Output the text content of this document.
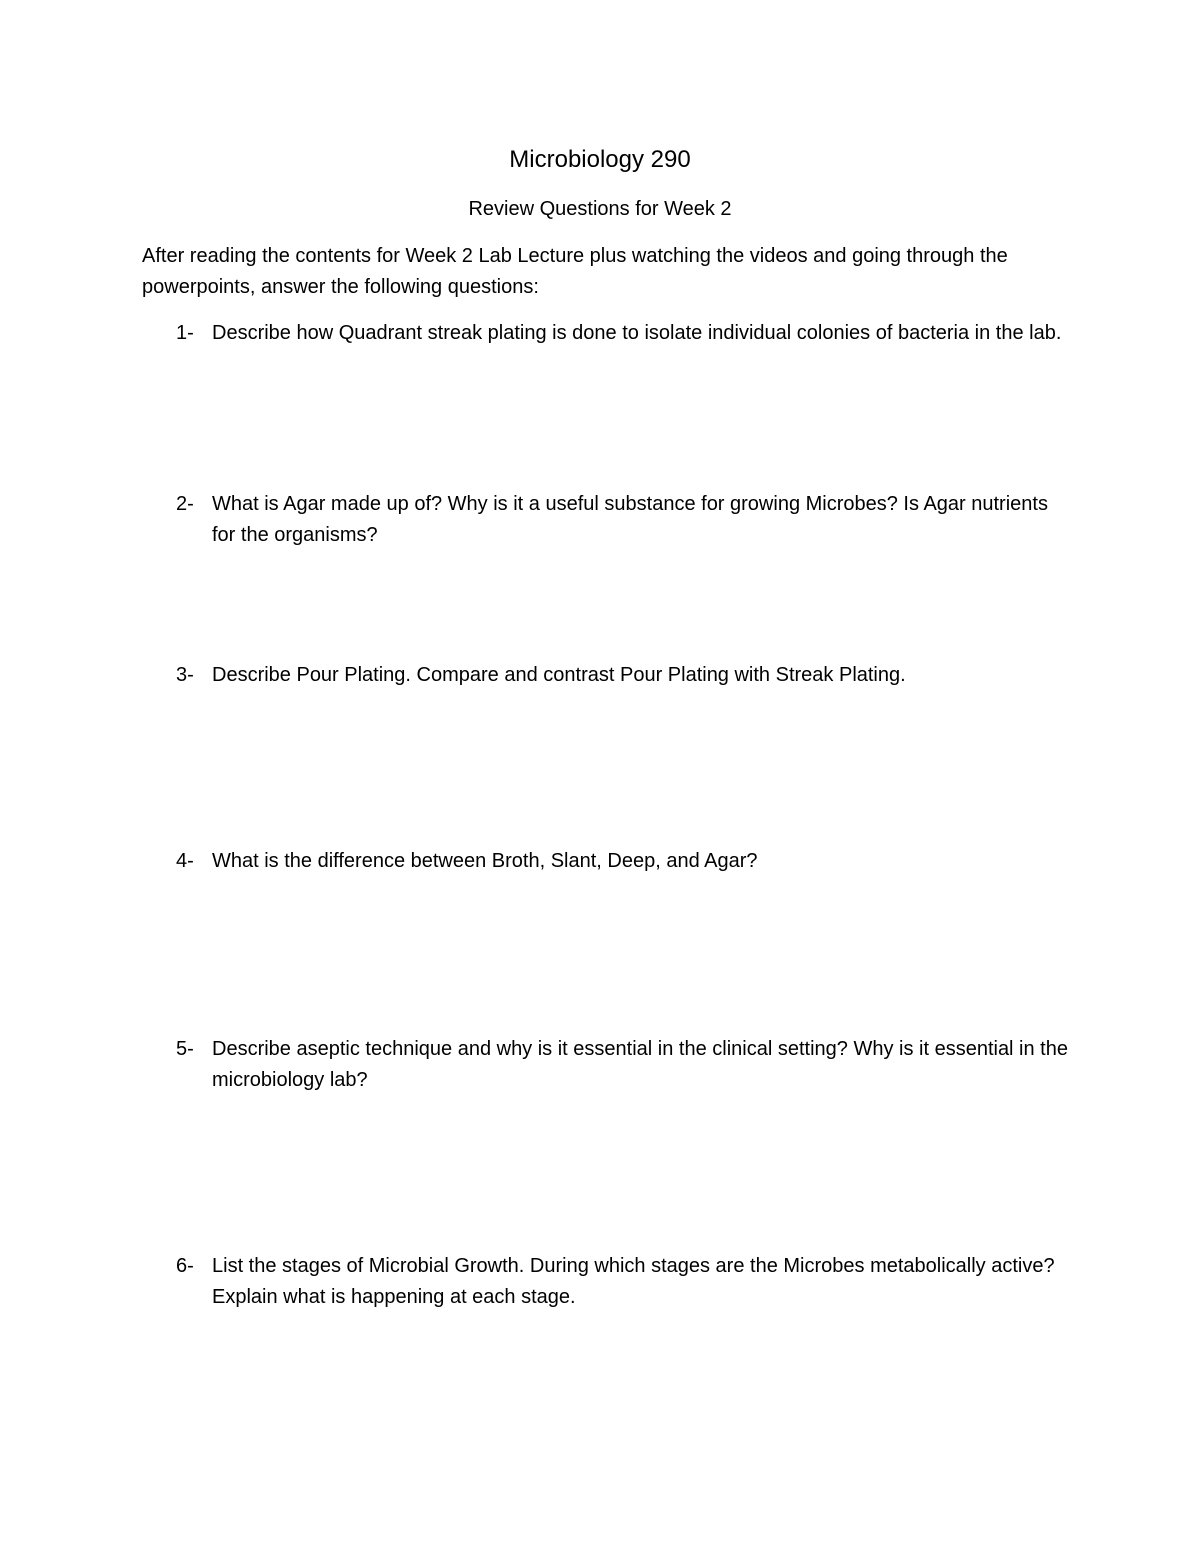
Microbiology 290
Review Questions for Week 2
After reading the contents for Week 2 Lab Lecture plus watching the videos and going through the powerpoints, answer the following questions:
1- Describe how Quadrant streak plating is done to isolate individual colonies of bacteria in the lab.
2- What is Agar made up of? Why is it a useful substance for growing Microbes? Is Agar nutrients for the organisms?
3- Describe Pour Plating. Compare and contrast Pour Plating with Streak Plating.
4- What is the difference between Broth, Slant, Deep, and Agar?
5- Describe aseptic technique and why is it essential in the clinical setting? Why is it essential in the microbiology lab?
6- List the stages of Microbial Growth. During which stages are the Microbes metabolically active? Explain what is happening at each stage.
